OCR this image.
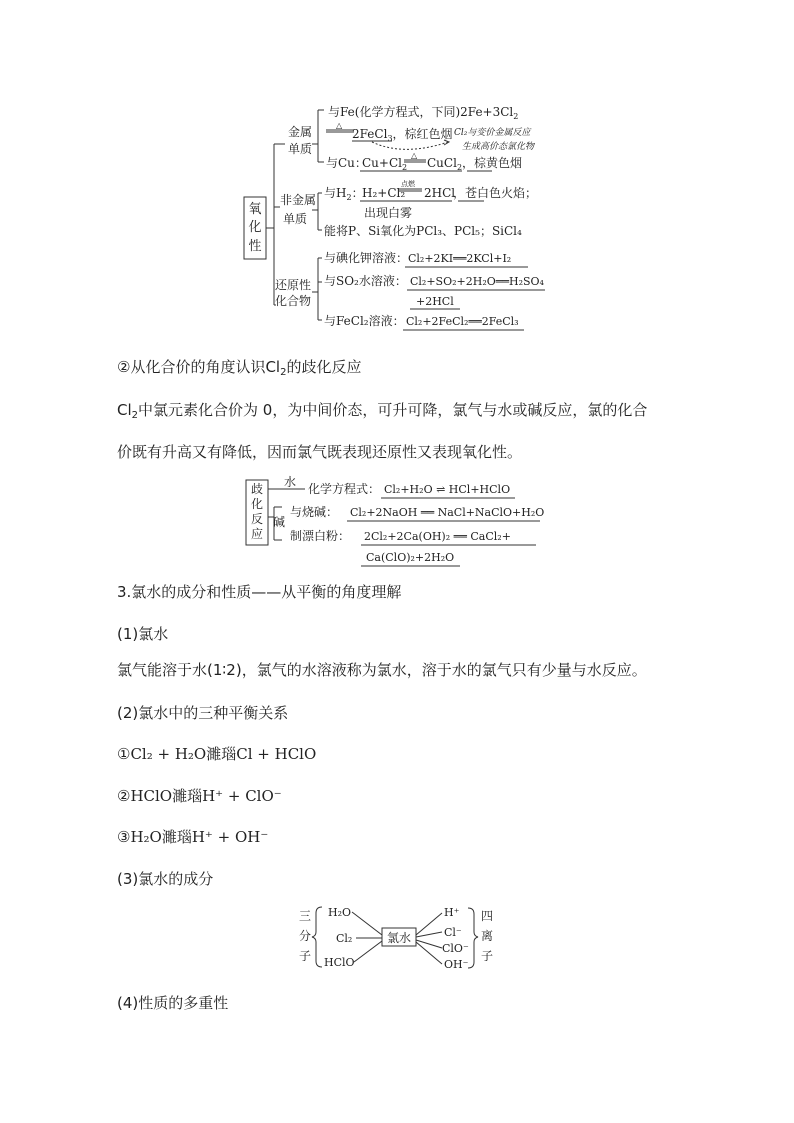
氧
化
性
金属
单质
与Fe(化学方程式，下同)$2Fe+3Cl_2$
△
2FeCl$_3$，棕红色烟 Cl₂与变价金属反应
生成高价态氯化物
与Cu：
$Cu+Cl_2$
△
CuCl$_2$，棕黄色烟
非金属
单质
与$H_2$：
H₂+Cl₂
点燃
2HCl
，苍白色火焰；
出现白雾
能将P、Si氧化为PCl₃、PCl₅；SiCl₄
还原性
化合物
与碘化钾溶液： Cl₂+2KI══2KCl+I₂
与SO₂水溶液： Cl₂+SO₂+2H₂O══H₂SO₄
+2HCl
与FeCl₂溶液： Cl₂+2FeCl₂══2FeCl₃
②从化合价的角度认识$Cl_2$的歧化反应
$Cl_2$中氯元素化合价为 0，为中间价态，可升可降，氯气与水或碱反应，氯的化合
价既有升高又有降低，因而氯气既表现还原性又表现氧化性。
歧
化
反
应
水
碱
化学方程式： Cl₂+H₂O ⇌ HCl+HClO
与烧碱： Cl₂+2NaOH ══ NaCl+NaClO+H₂O
制漂白粉： 2Cl₂+2Ca(OH)₂ ══ CaCl₂+
Ca(ClO)₂+2H₂O
3.氯水的成分和性质——从平衡的角度理解
(1)氯水
氯气能溶于水(1∶2)，氯气的水溶液称为氯水，溶于水的氯气只有少量与水反应。
(2)氯水中的三种平衡关系
①Cl₂ + H₂O濉瑙Cl + HClO
②HClO濉瑙H⁺ + ClO⁻
③H₂O濉瑙H⁺ + OH⁻
(3)氯水的成分
三
分
子
H₂O
Cl₂
HClO
氯水
H⁺
Cl⁻
ClO⁻
OH⁻
四
离
子
(4)性质的多重性
